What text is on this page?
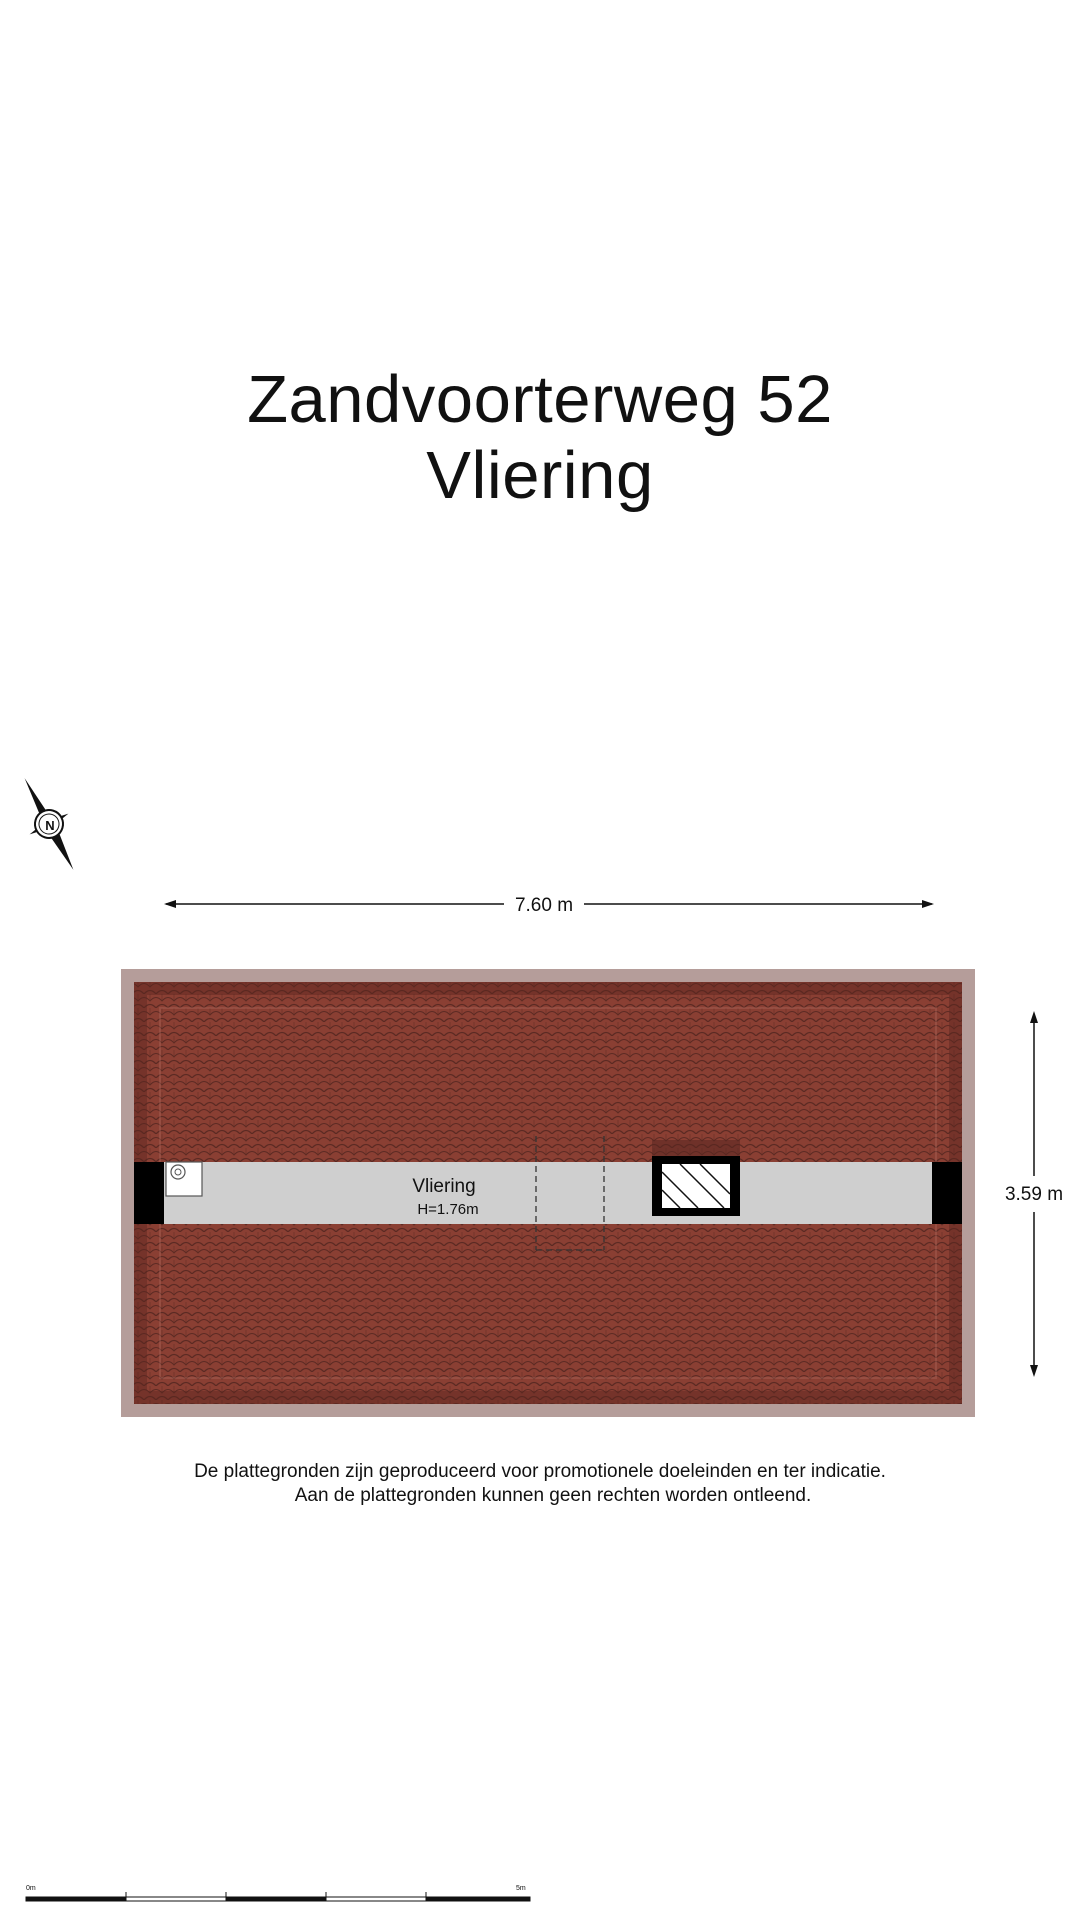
Zandvoorterweg 52
Vliering
N
7.60 m
3.59 m
Vliering
H=1.76m
0m	5m
De plattegronden zijn geproduceerd voor promotionele doeleinden en ter indicatie.
Aan de plattegronden kunnen geen rechten worden ontleend.
